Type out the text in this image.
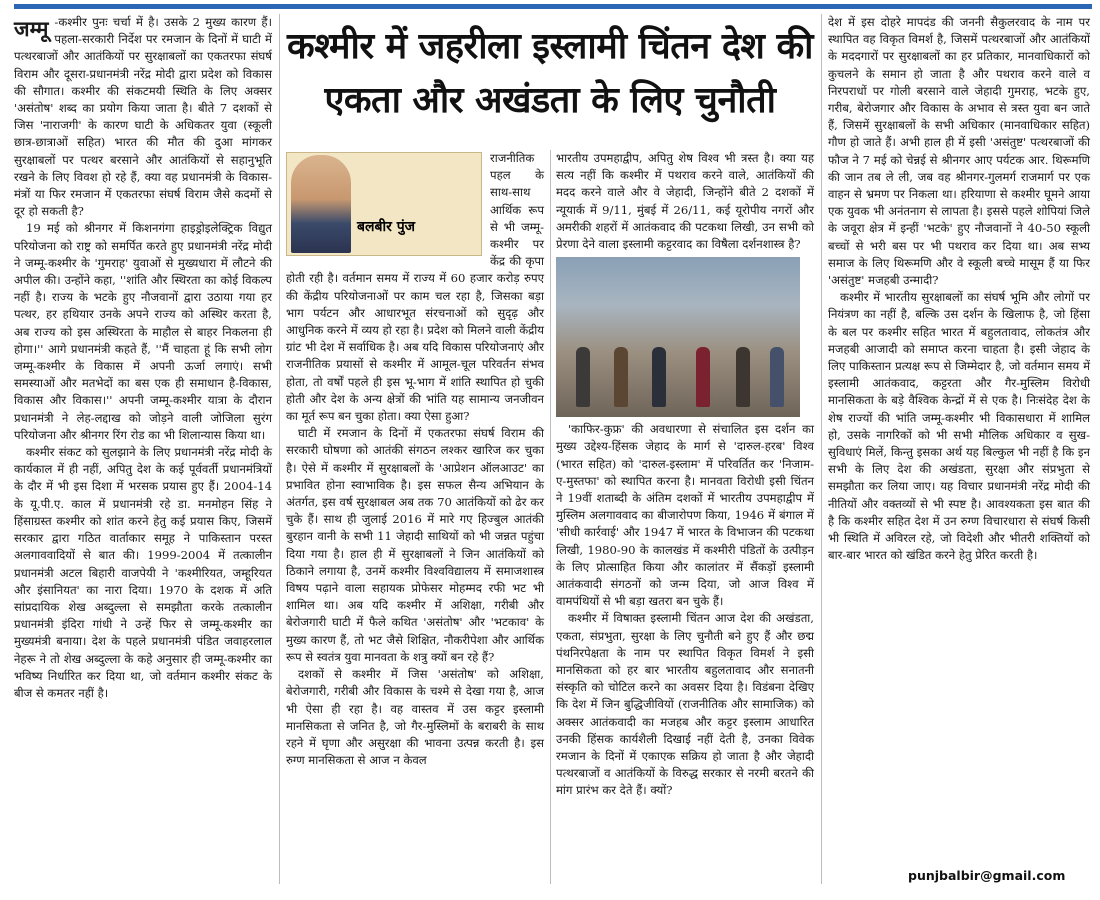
कश्मीर में जहरीला इस्लामी चिंतन देश की एकता और अखंडता के लिए चुनौती
जम्मू -कश्मीर पुनः चर्चा में है। उसके 2 मुख्य कारण हैं। पहला-सरकारी निर्देश पर रमजान के दिनों में घाटी में पत्थरबाजों और आतंकियों पर सुरक्षाबलों का एकतरफा संघर्ष विराम और दूसरा-प्रधानमंत्री नरेंद्र मोदी द्वारा प्रदेश को विकास की सौगात। कश्मीर की संकटमयी स्थिति के लिए अक्सर 'असंतोष' शब्द का प्रयोग किया जाता है। बीते 7 दशकों से जिस 'नाराजगी' के कारण घाटी के अधिकतर युवा (स्कूली छात्र-छात्राओं सहित) भारत की मौत की दुआ मांगकर सुरक्षाबलों पर पत्थर बरसाने और आतंकियों से सहानुभूति रखने के लिए विवश हो रहे हैं, क्या वह प्रधानमंत्री के विकास-मंत्रों या फिर रमजान में एकतरफा संघर्ष विराम जैसे कदमों से दूर हो सकती है?

19 मई को श्रीनगर में किशनगंगा हाइड्रोइलेक्ट्रिक विद्युत परियोजना को राष्ट्र को समर्पित करते हुए प्रधानमंत्री नरेंद्र मोदी ने जम्मू-कश्मीर के 'गुमराह' युवाओं से मुख्यधारा में लौटने की अपील की। उन्होंने कहा, ''शांति और स्थिरता का कोई विकल्प नहीं है। राज्य के भटके हुए नौजवानों द्वारा उठाया गया हर पत्थर, हर हथियार उनके अपने राज्य को अस्थिर करता है, अब राज्य को इस अस्थिरता के माहौल से बाहर निकलना ही होगा।'' आगे प्रधानमंत्री कहते हैं, ''मैं चाहता हूं कि सभी लोग जम्मू-कश्मीर के विकास में अपनी ऊर्जा लगाएं। सभी समस्याओं और मतभेदों का बस एक ही समाधान है-विकास, विकास और विकास।'' अपनी जम्मू-कश्मीर यात्रा के दौरान प्रधानमंत्री ने लेह-लद्दाख को जोड़ने वाली जोजिला सुरंग परियोजना और श्रीनगर रिंग रोड का भी शिलान्यास किया था।

कश्मीर संकट को सुलझाने के लिए प्रधानमंत्री नरेंद्र मोदी के कार्यकाल में ही नहीं, अपितु देश के कई पूर्ववर्ती प्रधानमंत्रियों के दौर में भी इस दिशा में भरसक प्रयास हुए हैं। 2004-14 के यू.पी.ए. काल में प्रधानमंत्री रहे डा. मनमोहन सिंह ने हिंसाग्रस्त कश्मीर को शांत करने हेतु कई प्रयास किए, जिसमें सरकार द्वारा गठित वार्ताकार समूह ने पाकिस्तान परस्त अलगाववादियों से बात की। 1999-2004 में तत्कालीन प्रधानमंत्री अटल बिहारी वाजपेयी ने 'कश्मीरियत, जम्हूरियत और इंसानियत' का नारा दिया। 1970 के दशक में अति सांप्रदायिक शेख अब्दुल्ला से समझौता करके तत्कालीन प्रधानमंत्री इंदिरा गांधी ने उन्हें फिर से जम्मू-कश्मीर का मुख्यमंत्री बनाया। देश के पहले प्रधानमंत्री पंडित जवाहरलाल नेहरू ने तो शेख अब्दुल्ला के कहे अनुसार ही जम्मू-कश्मीर का भविष्य निर्धारित कर दिया था, जो वर्तमान कश्मीर संकट के बीज से कमतर नहीं है।

बलबीर पुंज
राजनीतिक पहल के साथ-साथ आर्थिक रूप से भी जम्मू-कश्मीर पर केंद्र की कृपा होती रही है। वर्तमान समय में राज्य में 60 हजार करोड़ रुपए की केंद्रीय परियोजनाओं पर काम चल रहा है, जिसका बड़ा भाग पर्यटन और आधारभूत संरचनाओं को सुदृढ़ और आधुनिक करने में व्यय हो रहा है। प्रदेश को मिलने वाली केंद्रीय ग्रांट भी देश में सर्वाधिक है। अब यदि विकास परियोजनाएं और राजनीतिक प्रयासों से कश्मीर में आमूल-चूल परिवर्तन संभव होता, तो वर्षों पहले ही इस भू-भाग में शांति स्थापित हो चुकी होती और देश के अन्य क्षेत्रों की भांति यह सामान्य जनजीवन का मूर्त रूप बन चुका होता। क्या ऐसा हुआ?

घाटी में रमजान के दिनों में एकतरफा संघर्ष विराम की सरकारी घोषणा को आतंकी संगठन लश्कर खारिज कर चुका है। ऐसे में कश्मीर में सुरक्षाबलों के 'आप्रेशन ऑलआउट' का प्रभावित होना स्वाभाविक है। इस सफल सैन्य अभियान के अंतर्गत, इस वर्ष सुरक्षाबल अब तक 70 आतंकियों को ढेर कर चुके हैं। साथ ही जुलाई 2016 में मारे गए हिज्बुल आतंकी बुरहान वानी के सभी 11 जेहादी साथियों को भी जन्नत पहुंचा दिया गया है। हाल ही में सुरक्षाबलों ने जिन आतंकियों को ठिकाने लगाया है, उनमें कश्मीर विश्वविद्यालय में समाजशास्त्र विषय पढ़ाने वाला सहायक प्रोफेसर मोहम्मद रफी भट भी शामिल था। अब यदि कश्मीर में अशिक्षा, गरीबी और बेरोजगारी घाटी में फैले कथित 'असंतोष' और 'भटकाव' के मुख्य कारण हैं, तो भट जैसे शिक्षित, नौकरीपेशा और आर्थिक रूप से स्वतंत्र युवा मानवता के शत्रु क्यों बन रहे हैं?

दशकों से कश्मीर में जिस 'असंतोष' को अशिक्षा, बेरोजगारी, गरीबी और विकास के चश्मे से देखा गया है, आज भी ऐसा ही रहा है। वह वास्तव में उस कट्टर इस्लामी मानसिकता से जनित है, जो गैर-मुस्लिमों के बराबरी के साथ रहने में घृणा और असुरक्षा की भावना उत्पन्न करती है। इस रुग्ण मानसिकता से आज न केवल

भारतीय उपमहाद्वीप, अपितु शेष विश्व भी त्रस्त है। क्या यह सत्य नहीं कि कश्मीर में पथराव करने वाले, आतंकियों की मदद करने वाले और वे जेहादी, जिन्होंने बीते 2 दशकों में न्यूयार्क में 9/11, मुंबई में 26/11, कई यूरोपीय नगरों और अमरीकी शहरों में आतंकवाद की पटकथा लिखी, उन सभी को प्रेरणा देने वाला इस्लामी कट्टरवाद का विषैला दर्शनशास्त्र है?

'काफिर-कुफ्र' की अवधारणा से संचालित इस दर्शन का मुख्य उद्देश्य-हिंसक जेहाद के मार्ग से 'दारुल-हरब' विश्व (भारत सहित) को 'दारुल-इस्लाम' में परिवर्तित कर 'निजाम-ए-मुस्तफा' को स्थापित करना है। मानवता विरोधी इसी चिंतन ने 19वीं शताब्दी के अंतिम दशकों में भारतीय उपमहाद्वीप में मुस्लिम अलगाववाद का बीजारोपण किया, 1946 में बंगाल में 'सीधी कार्रवाई' और 1947 में भारत के विभाजन की पटकथा लिखी, 1980-90 के कालखंड में कश्मीरी पंडितों के उत्पीड़न के लिए प्रोत्साहित किया और कालांतर में सैंकड़ों इस्लामी आतंकवादी संगठनों को जन्म दिया, जो आज विश्व में वामपंथियों से भी बड़ा खतरा बन चुके हैं।

कश्मीर में विषाक्त इस्लामी चिंतन आज देश की अखंडता, एकता, संप्रभुता, सुरक्षा के लिए चुनौती बने हुए हैं और छद्म पंथनिरपेक्षता के नाम पर स्थापित विकृत विमर्श ने इसी मानसिकता को हर बार भारतीय बहुलतावाद और सनातनी संस्कृति को चोटिल करने का अवसर दिया है। विडंबना देखिए कि देश में जिन बुद्धिजीवियों (राजनीतिक और सामाजिक) को अक्सर आतंकवादी का मजहब और कट्टर इस्लाम आधारित उनकी हिंसक कार्यशैली दिखाई नहीं देती है, उनका विवेक रमजान के दिनों में एकाएक सक्रिय हो जाता है और जेहादी पत्थरबाजों व आतंकियों के विरुद्ध सरकार से नरमी बरतने की मांग प्रारंभ कर देते हैं। क्यों?

देश में इस दोहरे मापदंड की जननी सैकुलरवाद के नाम पर स्थापित वह विकृत विमर्श है, जिसमें पत्थरबाजों और आतंकियों के मददगारों पर सुरक्षाबलों का हर प्रतिकार, मानवाधिकारों को कुचलने के समान हो जाता है और पथराव करने वाले व निरपराधों पर गोली बरसाने वाले जेहादी गुमराह, भटके हुए, गरीब, बेरोजगार और विकास के अभाव से त्रस्त युवा बन जाते हैं, जिसमें सुरक्षाबलों के सभी अधिकार (मानवाधिकार सहित) गौण हो जाते हैं। अभी हाल ही में इसी 'असंतुष्ट' पत्थरबाजों की फौज ने 7 मई को चेन्नई से श्रीनगर आए पर्यटक आर. थिरूमणि की जान तब ले ली, जब वह श्रीनगर-गुलमर्ग राजमार्ग पर एक वाहन से भ्रमण पर निकला था। हरियाणा से कश्मीर घूमने आया एक युवक भी अनंतनाग से लापता है। इससे पहले शोपियां जिले के जवूरा क्षेत्र में इन्हीं 'भटके' हुए नौजवानों ने 40-50 स्कूली बच्चों से भरी बस पर भी पथराव कर दिया था। अब सभ्य समाज के लिए थिरूमणि और वे स्कूली बच्चे मासूम हैं या फिर 'असंतुष्ट' मजहबी उन्मादी?

कश्मीर में भारतीय सुरक्षाबलों का संघर्ष भूमि और लोगों पर नियंत्रण का नहीं है, बल्कि उस दर्शन के खिलाफ है, जो हिंसा के बल पर कश्मीर सहित भारत में बहुलतावाद, लोकतंत्र और मजहबी आजादी को समाप्त करना चाहता है। इसी जेहाद के लिए पाकिस्तान प्रत्यक्ष रूप से जिम्मेदार है, जो वर्तमान समय में इस्लामी आतंकवाद, कट्टरता और गैर-मुस्लिम विरोधी मानसिकता के बड़े वैश्विक केन्द्रों में से एक है। निःसंदेह देश के शेष राज्यों की भांति जम्मू-कश्मीर भी विकासधारा में शामिल हो, उसके नागरिकों को भी सभी मौलिक अधिकार व सुख-सुविधाएं मिलें, किन्तु इसका अर्थ यह बिल्कुल भी नहीं है कि इन सभी के लिए देश की अखंडता, सुरक्षा और संप्रभुता से समझौता कर लिया जाए। यह विचार प्रधानमंत्री नरेंद्र मोदी की नीतियों और वक्तव्यों से भी स्पष्ट है। आवश्यकता इस बात की है कि कश्मीर सहित देश में उन रुग्ण विचारधारा से संघर्ष किसी भी स्थिति में अविरल रहे, जो विदेशी और भीतरी शक्तियों को बार-बार भारत को खंडित करने हेतु प्रेरित करती है।

punjbalbir@gmail.com
